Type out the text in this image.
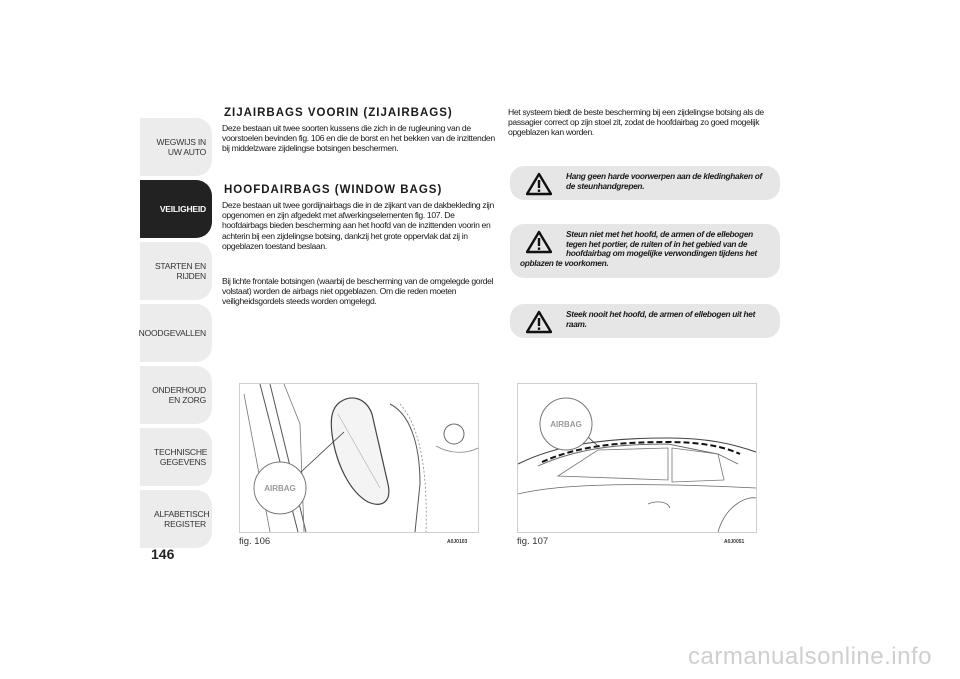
WEGWIJS IN UW AUTO
VEILIGHEID
STARTEN EN RIJDEN
NOODGEVALLEN
ONDERHOUD EN ZORG
TECHNISCHE GEGEVENS
ALFABETISCH REGISTER
146
ZIJAIRBAGS VOORIN (ZIJAIRBAGS)

Deze bestaan uit twee soorten kussens die zich in de rugleuning van de voorstoelen bevinden fig. 106 en die de borst en het bekken van de inzittenden bij middelzware zijdelingse botsingen beschermen.

HOOFDAIRBAGS (WINDOW BAGS)

Deze bestaan uit twee gordijnairbags die in de zijkant van de dakbekleding zijn opgenomen en zijn afgedekt met afwerkingselementen fig. 107. De hoofdairbags bieden bescherming aan het hoofd van de inzittenden voorin en achterin bij een zijdelingse botsing, dankzij het grote oppervlak dat zij in opgeblazen toestand beslaan.

Bij lichte frontale botsingen (waarbij de bescherming van de omgelegde gordel volstaat) worden de airbags niet opgeblazen. Om die reden moeten veiligheidsgordels steeds worden omgelegd.

Het systeem biedt de beste bescherming bij een zijdelingse botsing als de passagier correct op zijn stoel zit, zodat de hoofdairbag zo goed mogelijk opgeblazen kan worden.

Hang geen harde voorwerpen aan de kledinghaken of de steunhandgrepen.
Steun niet met het hoofd, de armen of de ellebogen tegen het portier, de ruiten of in het gebied van de hoofdairbag om mogelijke verwondingen tijdens het
opblazen te voorkomen.
Steek nooit het hoofd, de armen of ellebogen uit het raam.
AIRBAG
fig. 106	A0J0103
AIRBAG
fig. 107	A0J0051
carmanualsonline.info
